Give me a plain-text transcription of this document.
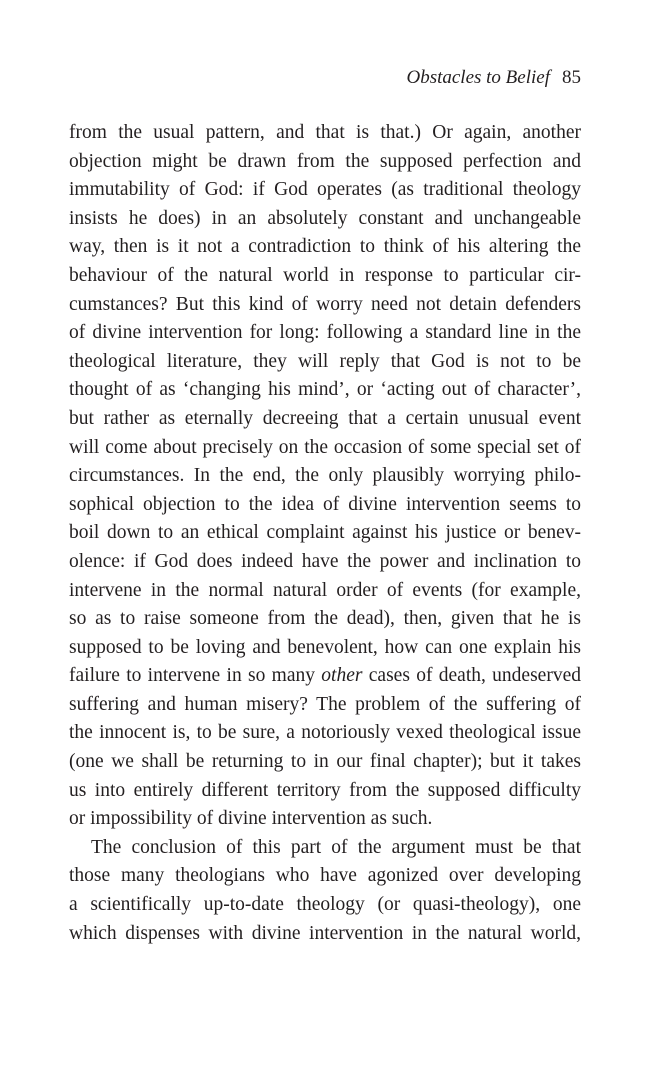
Obstacles to Belief 85
from the usual pattern, and that is that.) Or again, another
objection might be drawn from the supposed perfection and
immutability of God: if God operates (as traditional theology
insists he does) in an absolutely constant and unchangeable
way, then is it not a contradiction to think of his altering the
behaviour of the natural world in response to particular cir-
cumstances? But this kind of worry need not detain defenders
of divine intervention for long: following a standard line in the
theological literature, they will reply that God is not to be
thought of as ‘changing his mind’, or ‘acting out of character’,
but rather as eternally decreeing that a certain unusual event
will come about precisely on the occasion of some special set of
circumstances. In the end, the only plausibly worrying philo-
sophical objection to the idea of divine intervention seems to
boil down to an ethical complaint against his justice or benev-
olence: if God does indeed have the power and inclination to
intervene in the normal natural order of events (for example,
so as to raise someone from the dead), then, given that he is
supposed to be loving and benevolent, how can one explain his
failure to intervene in so many other cases of death, undeserved
suffering and human misery? The problem of the suffering of
the innocent is, to be sure, a notoriously vexed theological issue
(one we shall be returning to in our final chapter); but it takes
us into entirely different territory from the supposed difficulty
or impossibility of divine intervention as such.
The conclusion of this part of the argument must be that
those many theologians who have agonized over developing
a scientifically up-to-date theology (or quasi-theology), one
which dispenses with divine intervention in the natural world,
